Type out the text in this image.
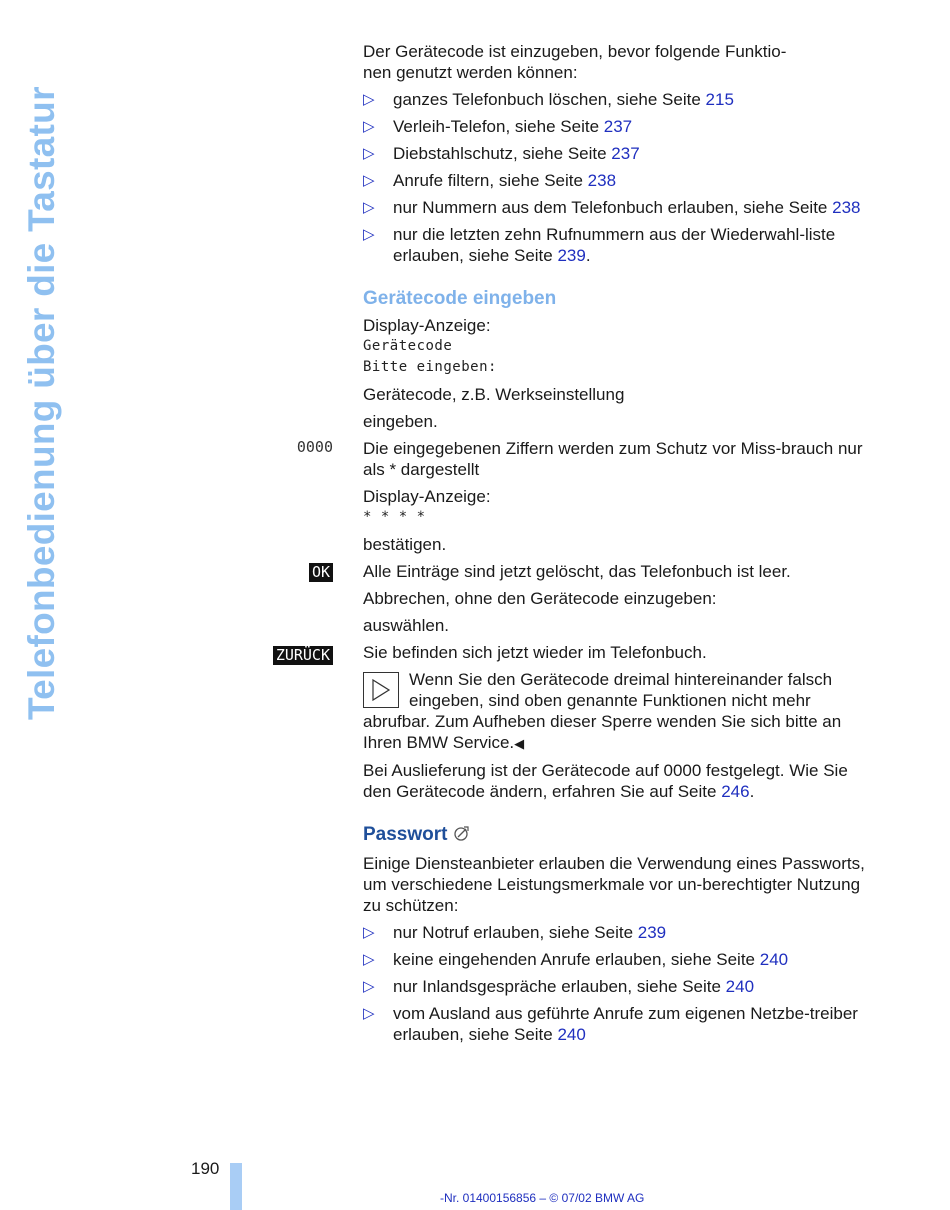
Telefonbedienung über die Tastatur

Der Gerätecode ist einzugeben, bevor folgende Funktio-
nen genutzt werden können:

▷ ganzes Telefonbuch löschen, siehe Seite 215
▷ Verleih-Telefon, siehe Seite 237
▷ Diebstahlschutz, siehe Seite 237
▷ Anrufe filtern, siehe Seite 238
▷ nur Nummern aus dem Telefonbuch erlauben, siehe Seite 238
▷ nur die letzten zehn Rufnummern aus der Wiederwahl-liste erlauben, siehe Seite 239.
Gerätecode eingeben
Display-Anzeige:
Gerätecode
Bitte eingeben:

Gerätecode, z.B. Werkseinstellung

eingeben.

Die eingegebenen Ziffern werden zum Schutz vor Miss-brauch nur als * dargestellt

Display-Anzeige:
* * * *

bestätigen.

Alle Einträge sind jetzt gelöscht, das Telefonbuch ist leer.

Abbrechen, ohne den Gerätecode einzugeben:

auswählen.

Sie befinden sich jetzt wieder im Telefonbuch.

Wenn Sie den Gerätecode dreimal hintereinander falsch eingeben, sind oben genannte Funktionen nicht mehr abrufbar. Zum Aufheben dieser Sperre wenden Sie sich bitte an Ihren BMW Service.◀

Bei Auslieferung ist der Gerätecode auf 0000 festgelegt. Wie Sie den Gerätecode ändern, erfahren Sie auf Seite 246.

Passwort

Einige Diensteanbieter erlauben die Verwendung eines Passworts, um verschiedene Leistungsmerkmale vor un-berechtigter Nutzung zu schützen:

▷ nur Notruf erlauben, siehe Seite 239
▷ keine eingehenden Anrufe erlauben, siehe Seite 240
▷ nur Inlandsgespräche erlauben, siehe Seite 240
▷ vom Ausland aus geführte Anrufe zum eigenen Netzbe-treiber erlauben, siehe Seite 240
0000
OK
ZURÜCK
190
-Nr. 01400156856 – © 07/02 BMW AG
